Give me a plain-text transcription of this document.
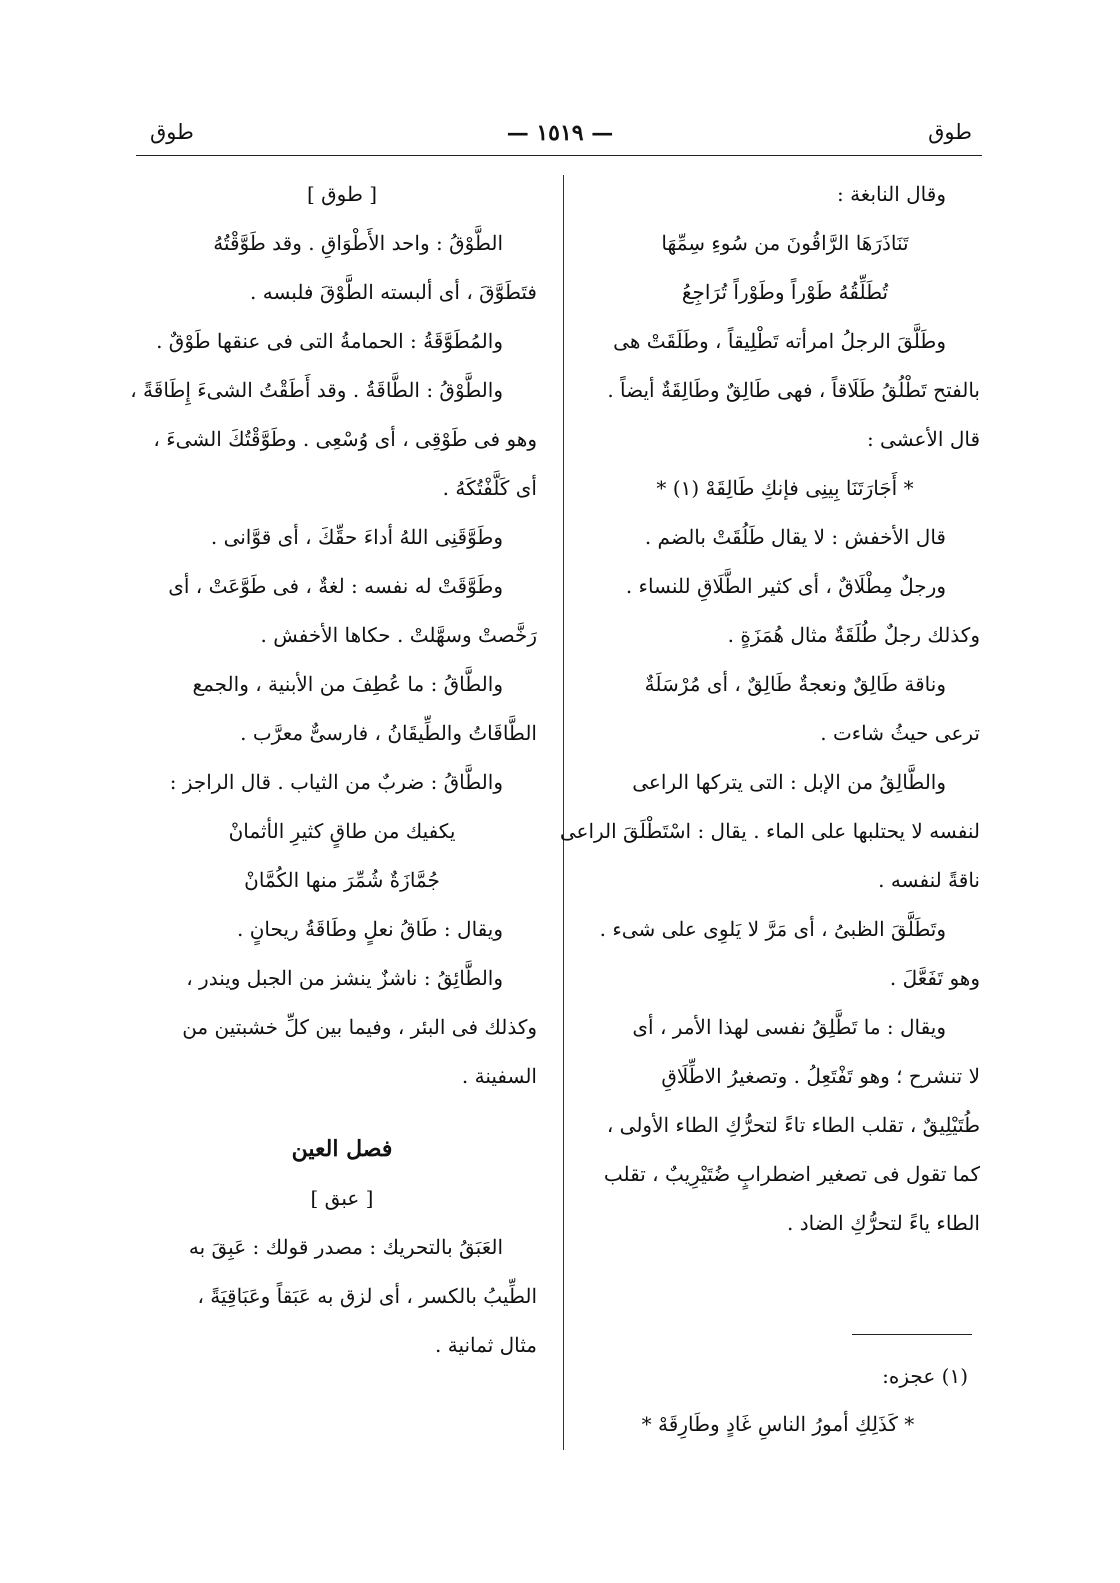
طوق
— ١٥١٩ —
طوق
وقال النابغة :
تَنَاذَرَهَا الرَّاقُونَ من سُوءِ سِمِّهَا
تُطَلِّقُهُ طَوْراً وطَوْراً تُرَاجِعُ
وطَلَّقَ الرجلُ امرأته تَطْلِيقاً ، وطَلَقَتْ هى
بالفتح تَطْلُقُ طَلَاقاً ، فهى طَالِقٌ وطَالِقَةٌ أيضاً .
قال الأعشى :
* أَجَارَتَنَا بِينِى فإنكِ طَالِقَهْ (١) *
قال الأخفش : لا يقال طَلُقَتْ بالضم .
ورجلٌ مِطْلَاقٌ ، أى كثير الطَّلَاقِ للنساء .
وكذلك رجلٌ طُلَقَةٌ مثال هُمَزَةٍ .
وناقة طَالِقٌ ونعجةٌ طَالِقٌ ، أى مُرْسَلَةٌ
ترعى حيثُ شاءت .
والطَّالِقُ من الإبل : التى يتركها الراعى
لنفسه لا يحتلبها على الماء . يقال : اسْتَطْلَقَ الراعى
ناقةً لنفسه .
وتَطَلَّقَ الظبىُ ، أى مَرَّ لا يَلوِى على شىء .
وهو تَفَعَّلَ .
ويقال : ما تَطَّلِقُ نفسى لهذا الأمر ، أى
لا تنشرح ؛ وهو تَفْتَعِلُ . وتصغيرُ الاطِّلَاقِ
طُتَيْلِيقٌ ، تقلب الطاء تاءً لتحرُّكِ الطاء الأولى ،
كما تقول فى تصغير اضطرابٍ ضُتَيْرِيبٌ ، تقلب
الطاء ياءً لتحرُّكِ الضاد .
[ طوق ]
الطَّوْقُ : واحد الأَطْوَاقِ . وقد طَوَّقْتُهُ
فتَطَوَّقَ ، أى ألبسته الطَّوْقَ فلبسه .
والمُطَوَّقَةُ : الحمامةُ التى فى عنقها طَوْقٌ .
والطَّوْقُ : الطَّاقَةُ . وقد أَطَقْتُ الشىءَ إِطَاقَةً ،
وهو فى طَوْقِى ، أى وُسْعِى . وطَوَّقْتُكَ الشىءَ ،
أى كَلَّفْتُكَهُ .
وطَوَّقَنِى اللهُ أداءَ حقِّكَ ، أى قوَّانى .
وطَوَّقَتْ له نفسه : لغةٌ ، فى طَوَّعَتْ ، أى
رَخَّصتْ وسهَّلتْ . حكاها الأخفش .
والطَّاقُ : ما عُطِفَ من الأبنية ، والجمع
الطَّاقَاتُ والطِّيقَانُ ، فارسىٌّ معرَّب .
والطَّاقُ : ضربٌ من الثياب . قال الراجز :
يكفيك من طاقٍ كثيرِ الأثمانْ
جُمَّازَةٌ شُمِّرَ منها الكُمَّانْ
ويقال : طَاقُ نعلٍ وطَاقَةُ ريحانٍ .
والطَّائِقُ : ناشزٌ ينشز من الجبل ويندر ،
وكذلك فى البئر ، وفيما بين كلِّ خشبتين من
السفينة .
فصل العين
[ عبق ]
العَبَقُ بالتحريك : مصدر قولك : عَبِقَ به
الطِّيبُ بالكسر ، أى لزق به عَبَقاً وعَبَاقِيَةً ،
مثال ثمانية .
(١) عجزه:
* كَذَلِكِ أمورُ الناسِ غَادٍ وطَارِقَهْ *
